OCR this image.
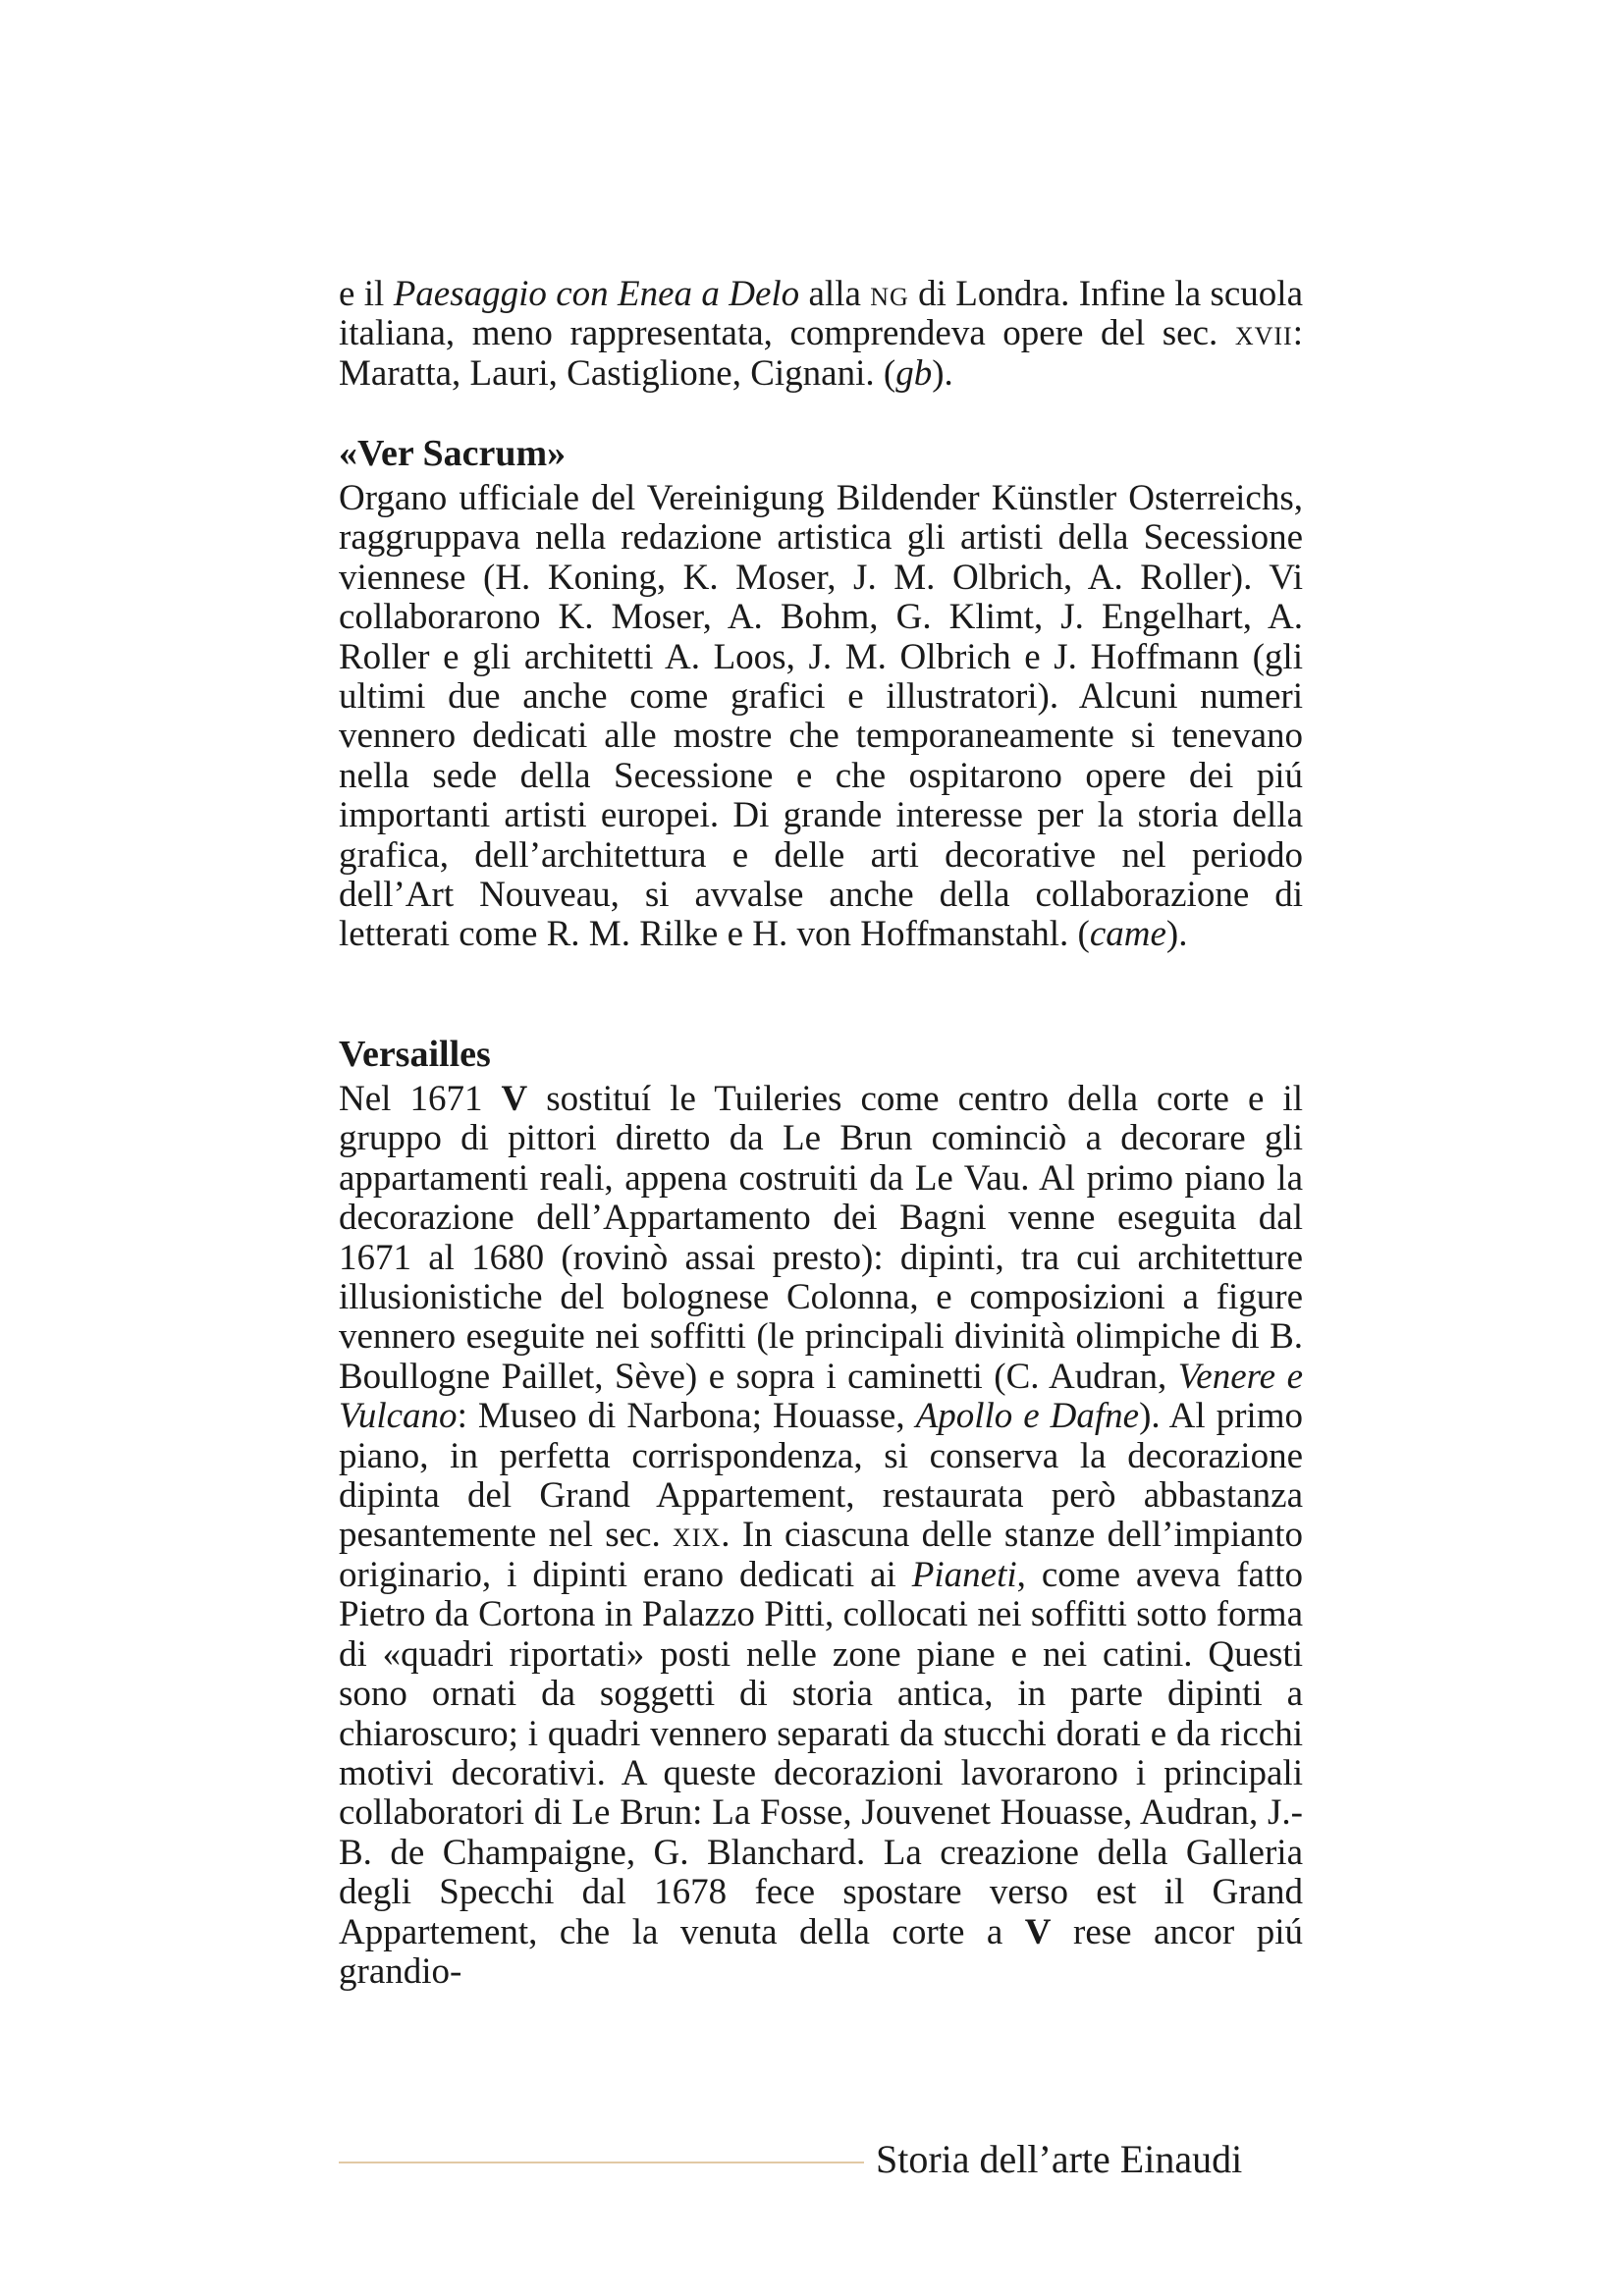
e il Paesaggio con Enea a Delo alla ng di Londra. Infine la scuola italiana, meno rappresentata, comprendeva opere del sec. xvii: Maratta, Lauri, Castiglione, Cignani. (gb).

«Ver Sacrum»

Organo ufficiale del Vereinigung Bildender Künstler Osterreichs, raggruppava nella redazione artistica gli artisti della Secessione viennese (H. Koning, K. Moser, J. M. Olbrich, A. Roller). Vi collaborarono K. Moser, A. Bohm, G. Klimt, J. Engelhart, A. Roller e gli architetti A. Loos, J. M. Olbrich e J. Hoffmann (gli ultimi due anche come grafici e illustratori). Alcuni numeri vennero dedicati alle mostre che temporaneamente si tenevano nella sede della Secessione e che ospitarono opere dei piú importanti artisti europei. Di grande interesse per la storia della grafica, dell’architettura e delle arti decorative nel periodo dell’Art Nouveau, si avvalse anche della collaborazione di letterati come R. M. Rilke e H. von Hoffmanstahl. (came).

Versailles

Nel 1671 V sostituí le Tuileries come centro della corte e il gruppo di pittori diretto da Le Brun cominciò a decorare gli appartamenti reali, appena costruiti da Le Vau. Al primo piano la decorazione dell’Appartamento dei Bagni venne eseguita dal 1671 al 1680 (rovinò assai presto): dipinti, tra cui architetture illusionistiche del bolognese Colonna, e composizioni a figure vennero eseguite nei soffitti (le principali divinità olimpiche di B. Boullogne Paillet, Sève) e sopra i caminetti (C. Audran, Venere e Vulcano: Museo di Narbona; Houasse, Apollo e Dafne). Al primo piano, in perfetta corrispondenza, si conserva la decorazione dipinta del Grand Appartement, restaurata però abbastanza pesantemente nel sec. xix. In ciascuna delle stanze dell’impianto originario, i dipinti erano dedicati ai Pianeti, come aveva fatto Pietro da Cortona in Palazzo Pitti, collocati nei soffitti sotto forma di «quadri riportati» posti nelle zone piane e nei catini. Questi sono ornati da soggetti di storia antica, in parte dipinti a chiaroscuro; i quadri vennero separati da stucchi dorati e da ricchi motivi decorativi. A queste decorazioni lavorarono i principali collaboratori di Le Brun: La Fosse, Jouvenet Houasse, Audran, J.-B. de Champaigne, G. Blanchard. La creazione della Galleria degli Specchi dal 1678 fece spostare verso est il Grand Appartement, che la venuta della corte a V rese ancor piú grandio-

Storia dell’arte Einaudi
